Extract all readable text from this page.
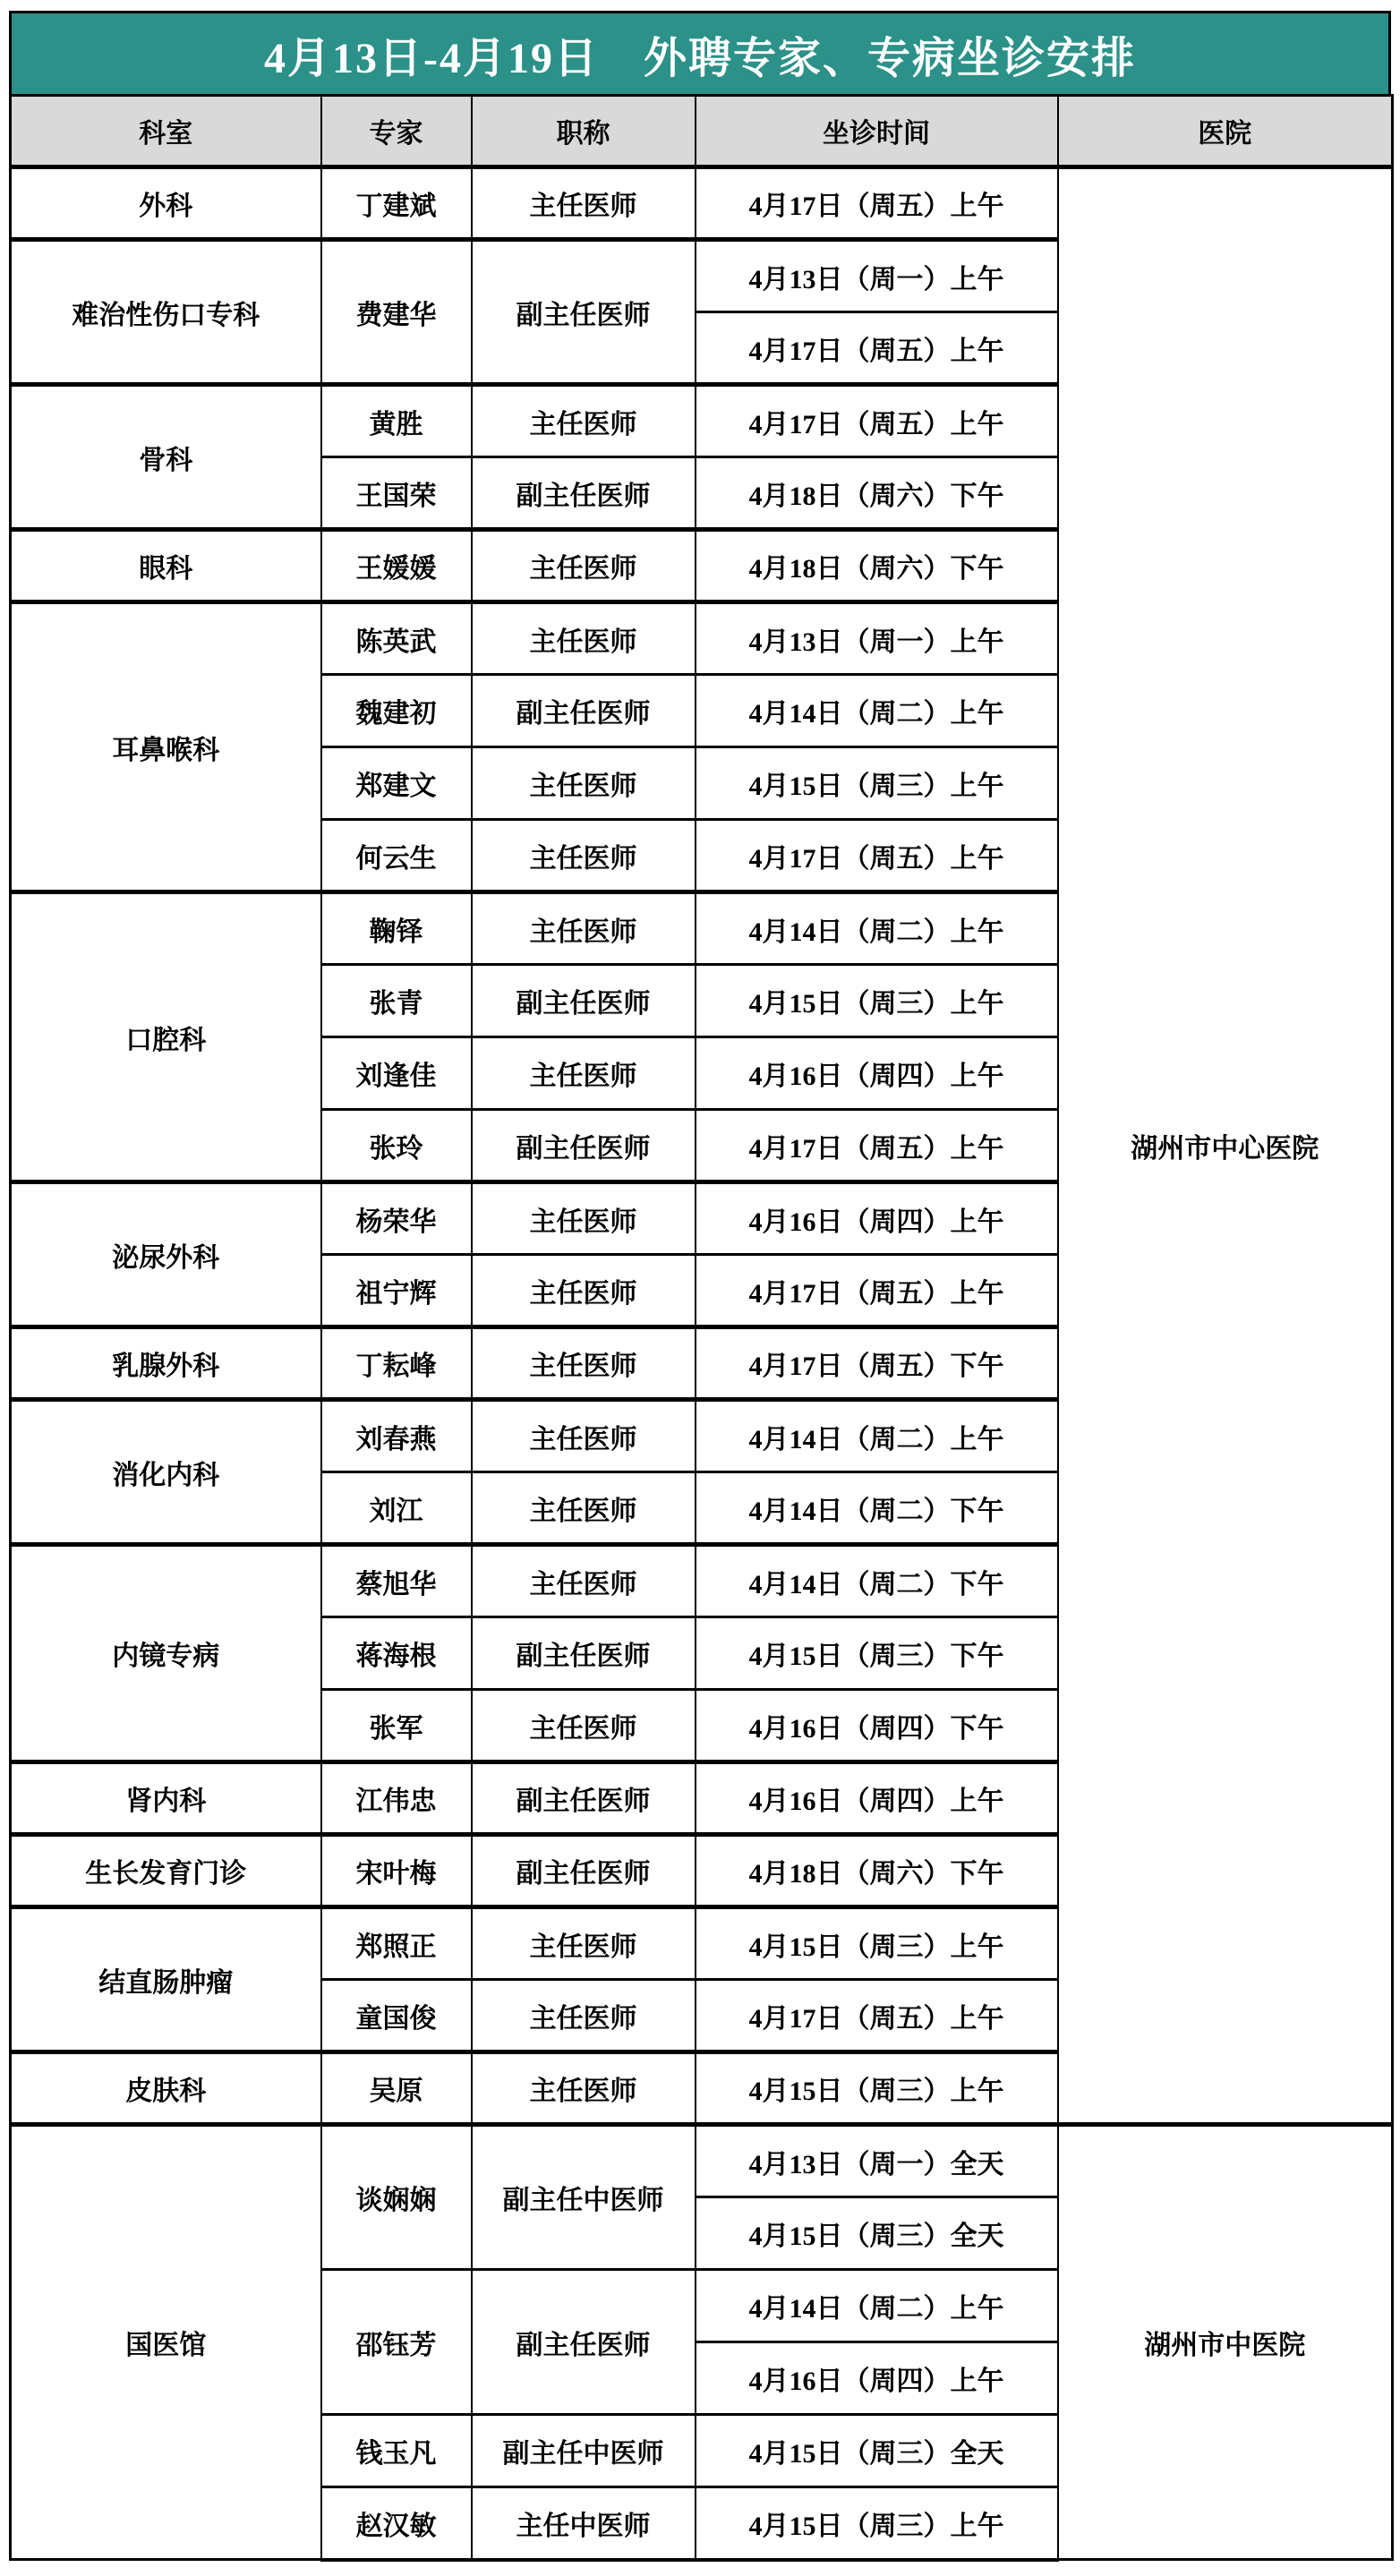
4月13日-4月19日　外聘专家、专病坐诊安排
科室	专家	职称	坐诊时间	医院
外科	丁建斌	主任医师	4月17日（周五）上午	湖州市中心医院
难治性伤口专科	费建华	副主任医师	4月13日（周一）上午	
			4月17日（周五）上午	
骨科	黄胜	主任医师	4月17日（周五）上午	
	王国荣	副主任医师	4月18日（周六）下午	
眼科	王媛媛	主任医师	4月18日（周六）下午	
耳鼻喉科	陈英武	主任医师	4月13日（周一）上午	
	魏建初	副主任医师	4月14日（周二）上午	
	郑建文	主任医师	4月15日（周三）上午	
	何云生	主任医师	4月17日（周五）上午	
口腔科	鞠铎	主任医师	4月14日（周二）上午	
	张青	副主任医师	4月15日（周三）上午	
	刘逢佳	主任医师	4月16日（周四）上午	
	张玲	副主任医师	4月17日（周五）上午	
泌尿外科	杨荣华	主任医师	4月16日（周四）上午	
	祖宁辉	主任医师	4月17日（周五）上午	
乳腺外科	丁耘峰	主任医师	4月17日（周五）下午	
消化内科	刘春燕	主任医师	4月14日（周二）上午	
	刘江	主任医师	4月14日（周二）下午	
内镜专病	蔡旭华	主任医师	4月14日（周二）下午	
	蒋海根	副主任医师	4月15日（周三）下午	
	张军	主任医师	4月16日（周四）下午	
肾内科	江伟忠	副主任医师	4月16日（周四）上午	
生长发育门诊	宋叶梅	副主任医师	4月18日（周六）下午	
结直肠肿瘤	郑照正	主任医师	4月15日（周三）上午	
	童国俊	主任医师	4月17日（周五）上午	
皮肤科	吴原	主任医师	4月15日（周三）上午	
国医馆	谈娴娴	副主任中医师	4月13日（周一）全天	湖州市中医院
			4月15日（周三）全天	
	邵钰芳	副主任医师	4月14日（周二）上午	
			4月16日（周四）上午	
	钱玉凡	副主任中医师	4月15日（周三）全天	
	赵汉敏	主任中医师	4月15日（周三）上午	
